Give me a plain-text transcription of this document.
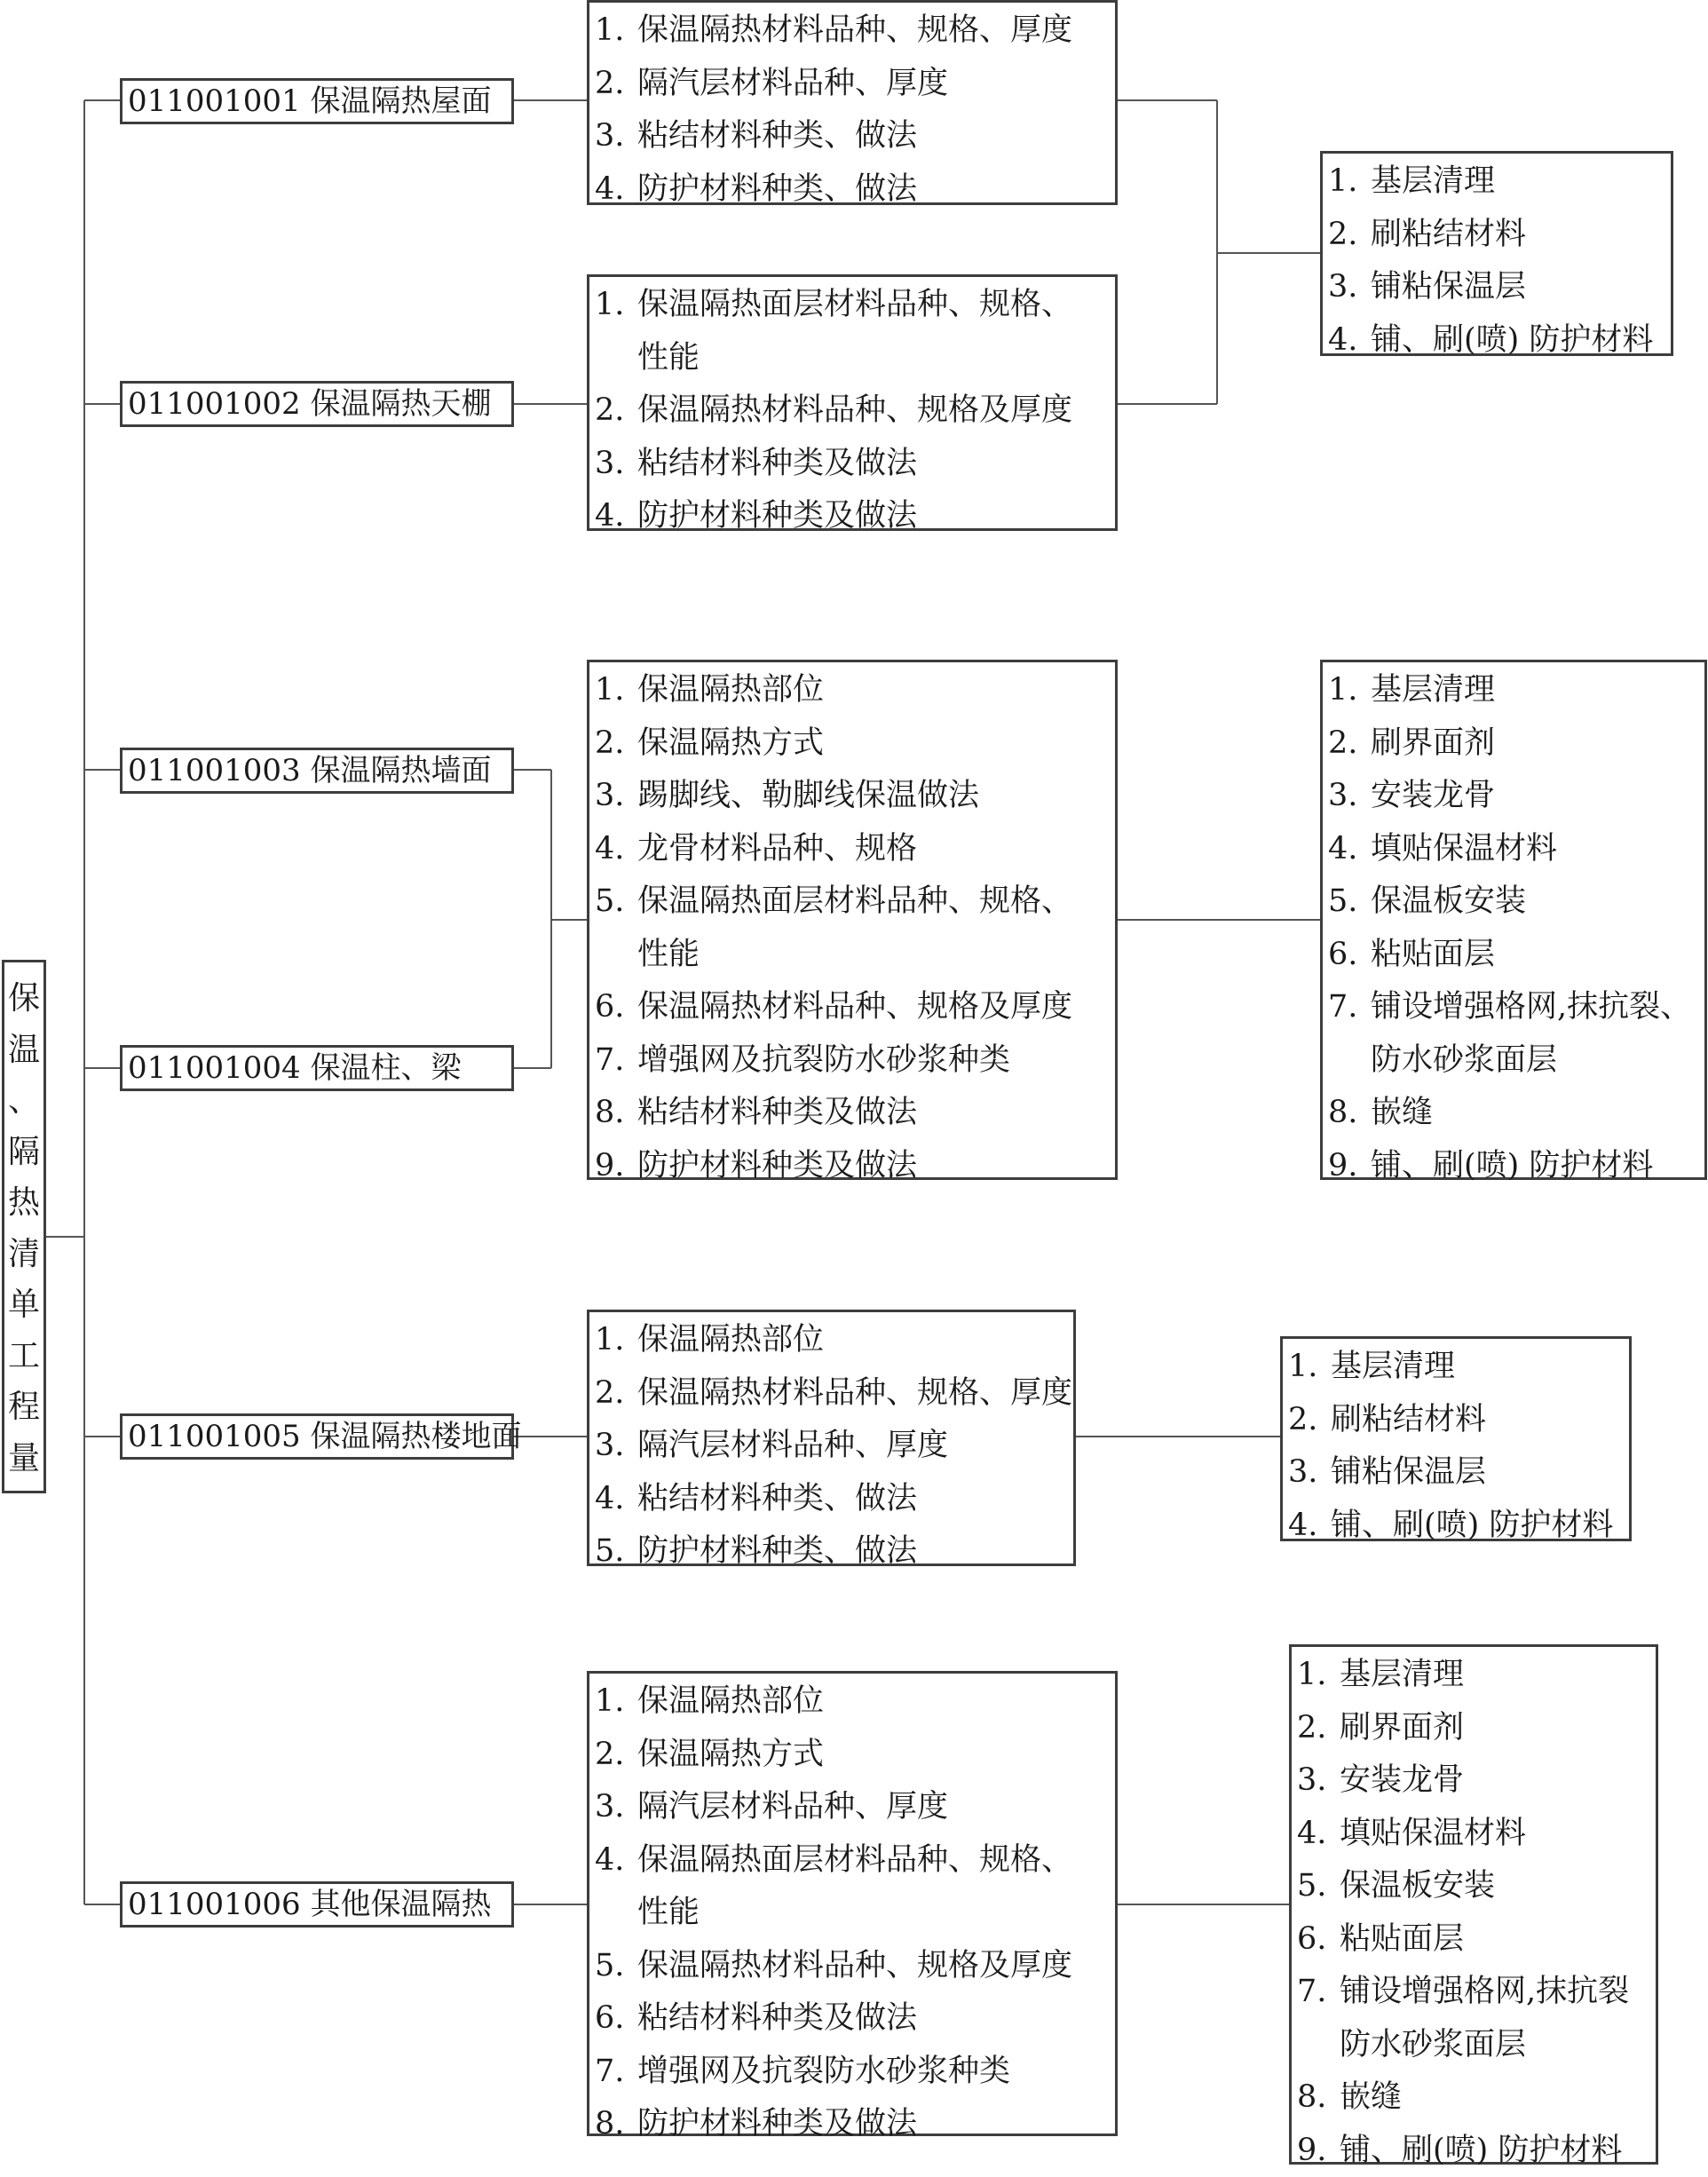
保
温
、
隔
热
清
单
工
程
量
011001001 保温隔热屋面
011001002 保温隔热天棚
011001003 保温隔热墙面
011001004 保温柱、梁
011001005 保温隔热楼地面
011001006 其他保温隔热
1. 保温隔热材料品种、规格、厚度
2. 隔汽层材料品种、厚度
3. 粘结材料种类、做法
4. 防护材料种类、做法
1. 保温隔热面层材料品种、规格、
性能
2. 保温隔热材料品种、规格及厚度
3. 粘结材料种类及做法
4. 防护材料种类及做法
1. 保温隔热部位
2. 保温隔热方式
3. 踢脚线、勒脚线保温做法
4. 龙骨材料品种、规格
5. 保温隔热面层材料品种、规格、
性能
6. 保温隔热材料品种、规格及厚度
7. 增强网及抗裂防水砂浆种类
8. 粘结材料种类及做法
9. 防护材料种类及做法
1. 保温隔热部位
2. 保温隔热材料品种、规格、厚度
3. 隔汽层材料品种、厚度
4. 粘结材料种类、做法
5. 防护材料种类、做法
1. 保温隔热部位
2. 保温隔热方式
3. 隔汽层材料品种、厚度
4. 保温隔热面层材料品种、规格、
性能
5. 保温隔热材料品种、规格及厚度
6. 粘结材料种类及做法
7. 增强网及抗裂防水砂浆种类
8. 防护材料种类及做法
1. 基层清理
2. 刷粘结材料
3. 铺粘保温层
4. 铺、刷(喷) 防护材料
1. 基层清理
2. 刷界面剂
3. 安装龙骨
4. 填贴保温材料
5. 保温板安装
6. 粘贴面层
7. 铺设增强格网,抹抗裂、
防水砂浆面层
8. 嵌缝
9. 铺、刷(喷) 防护材料
1. 基层清理
2. 刷粘结材料
3. 铺粘保温层
4. 铺、刷(喷) 防护材料
1. 基层清理
2. 刷界面剂
3. 安装龙骨
4. 填贴保温材料
5. 保温板安装
6. 粘贴面层
7. 铺设增强格网,抹抗裂
防水砂浆面层
8. 嵌缝
9. 铺、刷(喷) 防护材料
